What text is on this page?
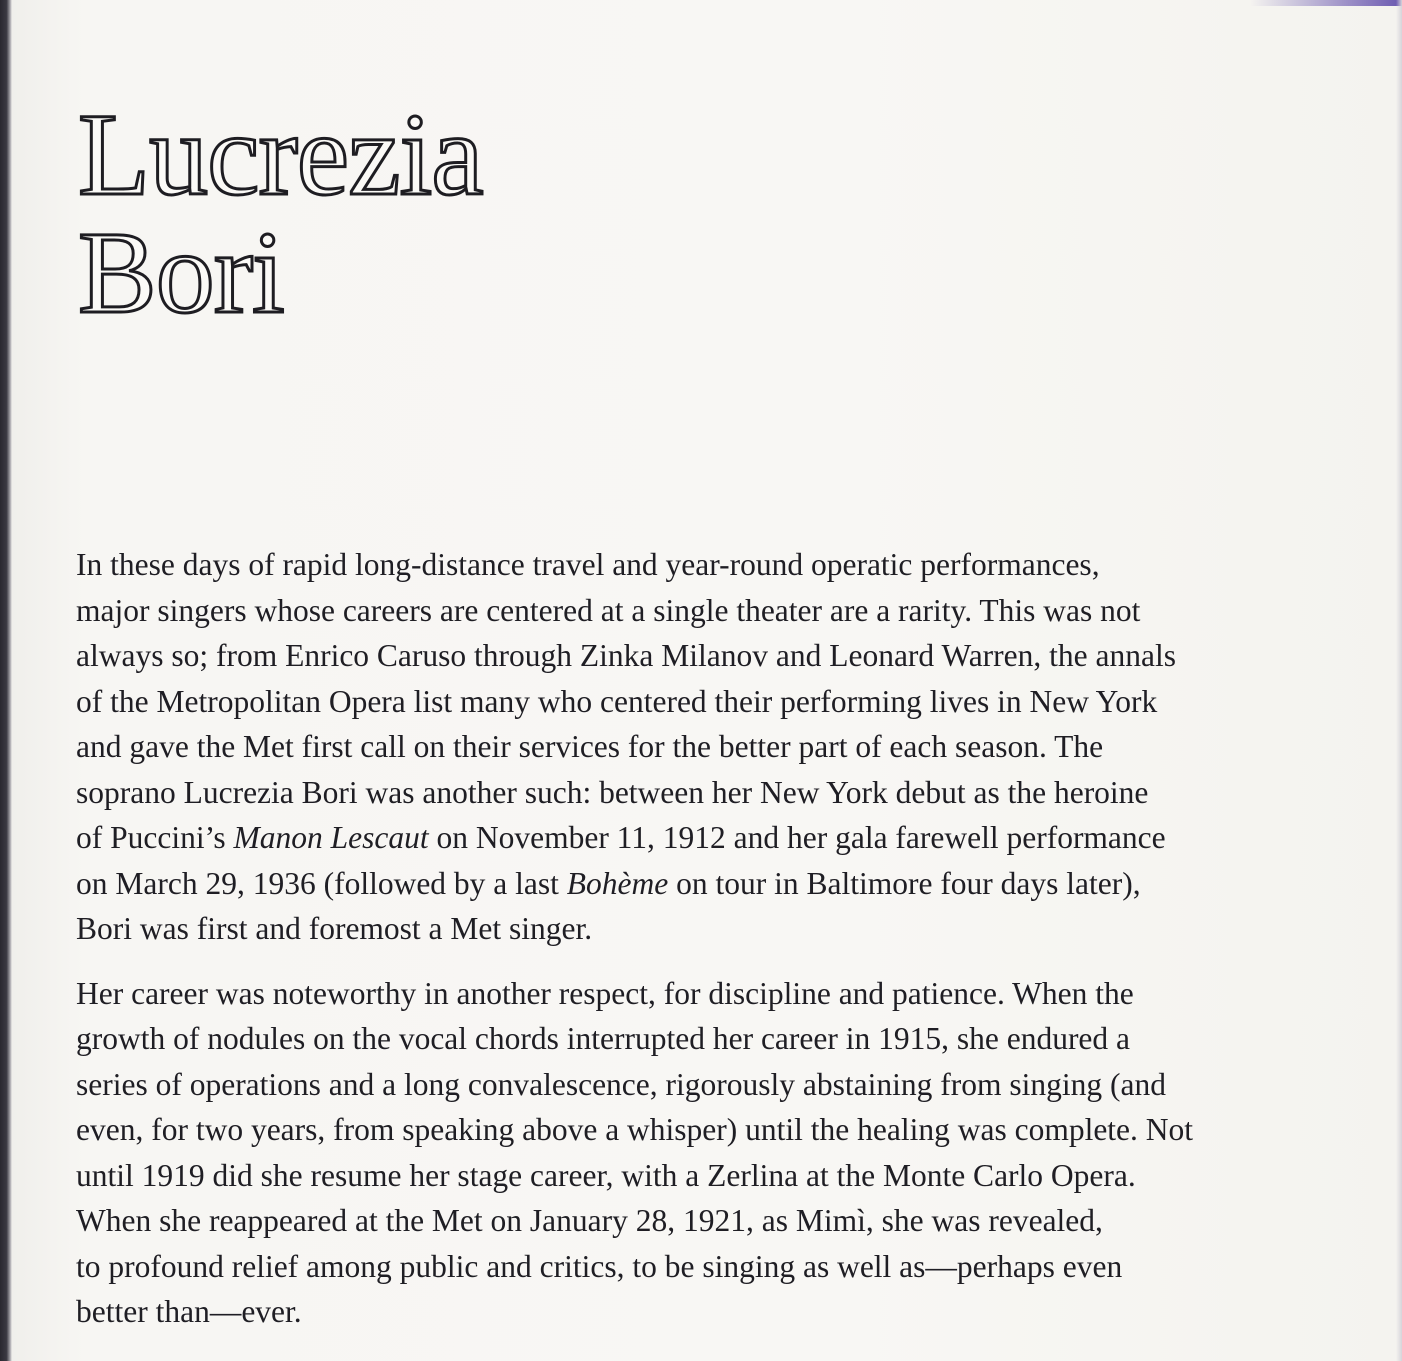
Lucrezia
Bori

In these days of rapid long-distance travel and year-round operatic performances,
major singers whose careers are centered at a single theater are a rarity. This was not
always so; from Enrico Caruso through Zinka Milanov and Leonard Warren, the annals
of the Metropolitan Opera list many who centered their performing lives in New York
and gave the Met first call on their services for the better part of each season. The
soprano Lucrezia Bori was another such: between her New York debut as the heroine
of Puccini’s Manon Lescaut on November 11, 1912 and her gala farewell performance
on March 29, 1936 (followed by a last Bohème on tour in Baltimore four days later),
Bori was first and foremost a Met singer.

Her career was noteworthy in another respect, for discipline and patience. When the
growth of nodules on the vocal chords interrupted her career in 1915, she endured a
series of operations and a long convalescence, rigorously abstaining from singing (and
even, for two years, from speaking above a whisper) until the healing was complete. Not
until 1919 did she resume her stage career, with a Zerlina at the Monte Carlo Opera.
When she reappeared at the Met on January 28, 1921, as Mimì, she was revealed,
to profound relief among public and critics, to be singing as well as—perhaps even
better than—ever.
